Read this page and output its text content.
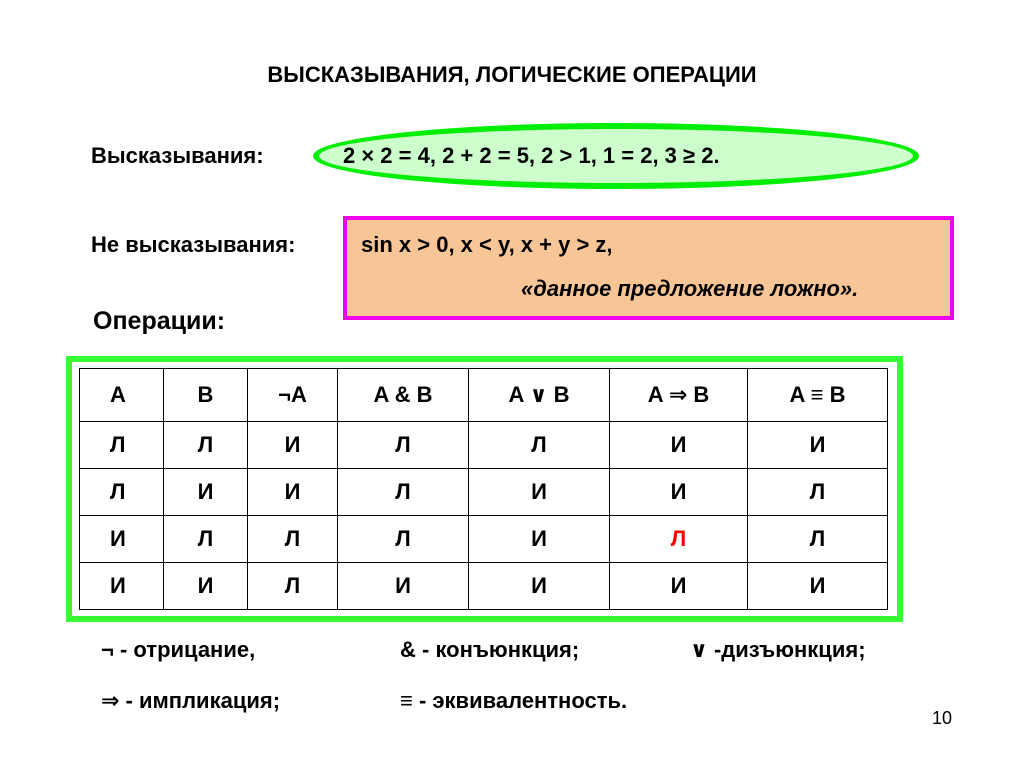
ВЫСКАЗЫВАНИЯ, ЛОГИЧЕСКИЕ ОПЕРАЦИИ
Высказывания:	2 × 2 = 4, 2 + 2 = 5, 2 > 1, 1 = 2, 3 ≥ 2.
Не высказывания:	sin x > 0, x < y, x + y > z,
«данное предложение ложно».
Операции:
A	B	¬A	A & B	A ∨ B	A ⇒ B	A ≡ B
Л	Л	И	Л	Л	И	И
Л	И	И	Л	И	И	Л
И	Л	Л	Л	И	Л	Л
И	И	Л	И	И	И	И
¬ - отрицание,	& - конъюнкция;	∨ -дизъюнкция;
⇒ - импликация;	≡ - эквивалентность.
10
